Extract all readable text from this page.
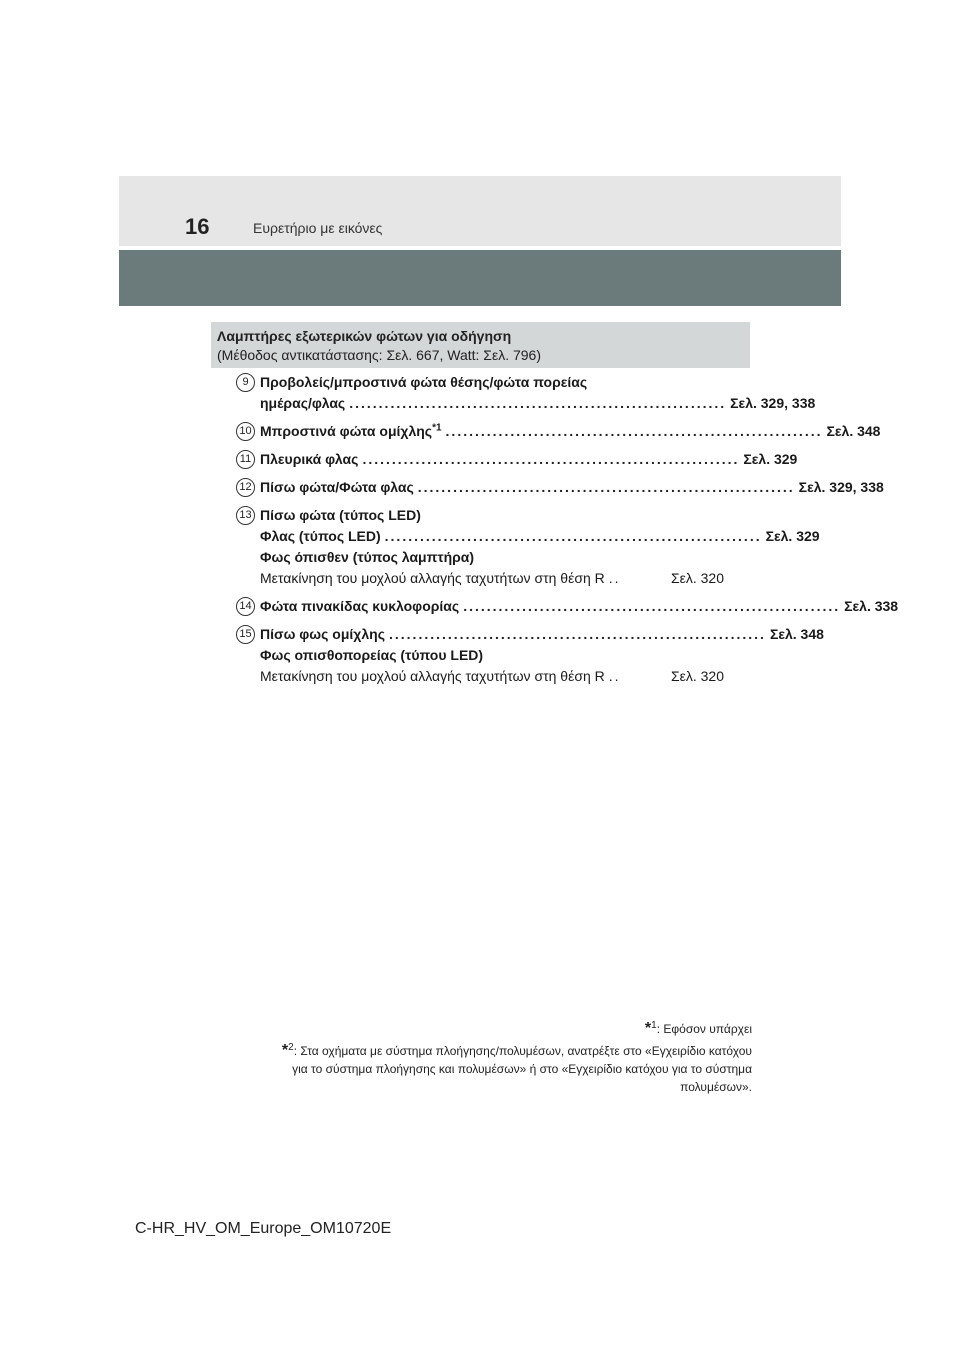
16	Ευρετήριο με εικόνες
Λαμπτήρες εξωτερικών φώτων για οδήγηση
(Μέθοδος αντικατάστασης: Σελ. 667, Watt: Σελ. 796)
9 Προβολείς/μπροστινά φώτα θέσης/φώτα πορείας
ημέρας/φλας ................................................................ Σελ. 329, 338
10 Μπροστινά φώτα ομίχλης$^{*1}$ ................................................................ Σελ. 348
11 Πλευρικά φλας ................................................................ Σελ. 329
12 Πίσω φώτα/Φώτα φλας ................................................................ Σελ. 329, 338
13 Πίσω φώτα (τύπος LED)
Φλας (τύπος LED) ................................................................ Σελ. 329
Φως όπισθεν (τύπος λαμπτήρα)
Μετακίνηση του μοχλού αλλαγής ταχυτήτων στη θέση R ..	Σελ. 320
14 Φώτα πινακίδας κυκλοφορίας ................................................................ Σελ. 338
15 Πίσω φως ομίχλης ................................................................ Σελ. 348
Φως οπισθοπορείας (τύπου LED)
Μετακίνηση του μοχλού αλλαγής ταχυτήτων στη θέση R ..	Σελ. 320
*$^1$: Εφόσον υπάρχει
*$^2$: Στα οχήματα με σύστημα πλοήγησης/πολυμέσων, ανατρέξτε στο «Εγχειρίδιο κατόχου
για το σύστημα πλοήγησης και πολυμέσων» ή στο «Εγχειρίδιο κατόχου για το σύστημα
πολυμέσων».
C-HR_HV_OM_Europe_OM10720E
